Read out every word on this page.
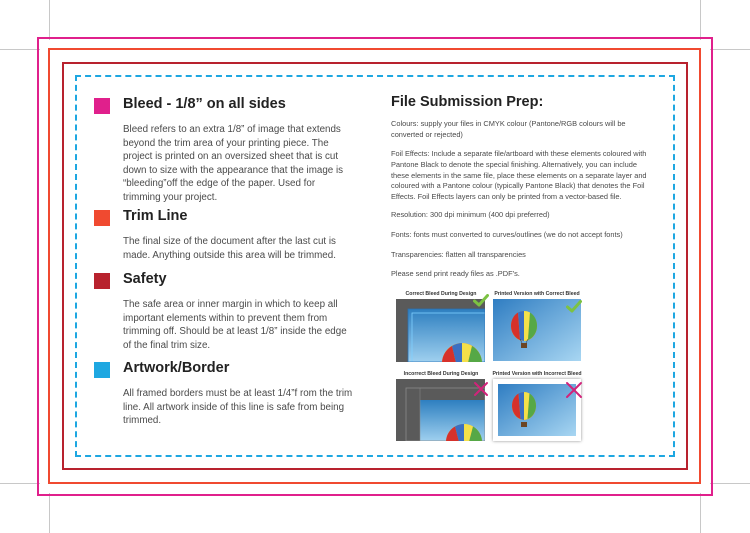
Bleed - 1/8” on all sides
Bleed refers to an extra 1/8” of image that extends
beyond the trim area of your printing piece. The
project is printed on an oversized sheet that is cut
down to size with the appearance that the image is
“bleeding”off the edge of the paper. Used for
trimming your project.
Trim Line
The final size of the document after the last cut is
made. Anything outside this area will be trimmed.
Safety
The safe area or inner margin in which to keep all
important elements within to prevent them from
trimming off. Should be at least 1/8” inside the edge
of the final trim size.
Artwork/Border
All framed borders must be at least 1/4”f rom the trim
line. All artwork inside of this line is safe from being
trimmed.
File Submission Prep:
Colours: supply your files in CMYK colour (Pantone/RGB colours will be
converted or rejected)
Foil Effects: Include a separate file/artboard with these elements coloured with
Pantone Black to denote the special finishing. Alternatively, you can include
these elements in the same file, place these elements on a separate layer and
coloured with a Pantone colour (typically Pantone Black) that denotes the Foil
Effects. Foil Effects layers can only be printed from a vector-based file.
Resolution: 300 dpi minimum (400 dpi preferred)
Fonts: fonts must converted to curves/outlines (we do not accept fonts)
Transparencies: flatten all transparencies
Please send print ready files as .PDF’s.
Correct Bleed During Design	Printed Version with Correct Bleed
Incorrect Bleed During Design	Printed Version with Incorrect Bleed
